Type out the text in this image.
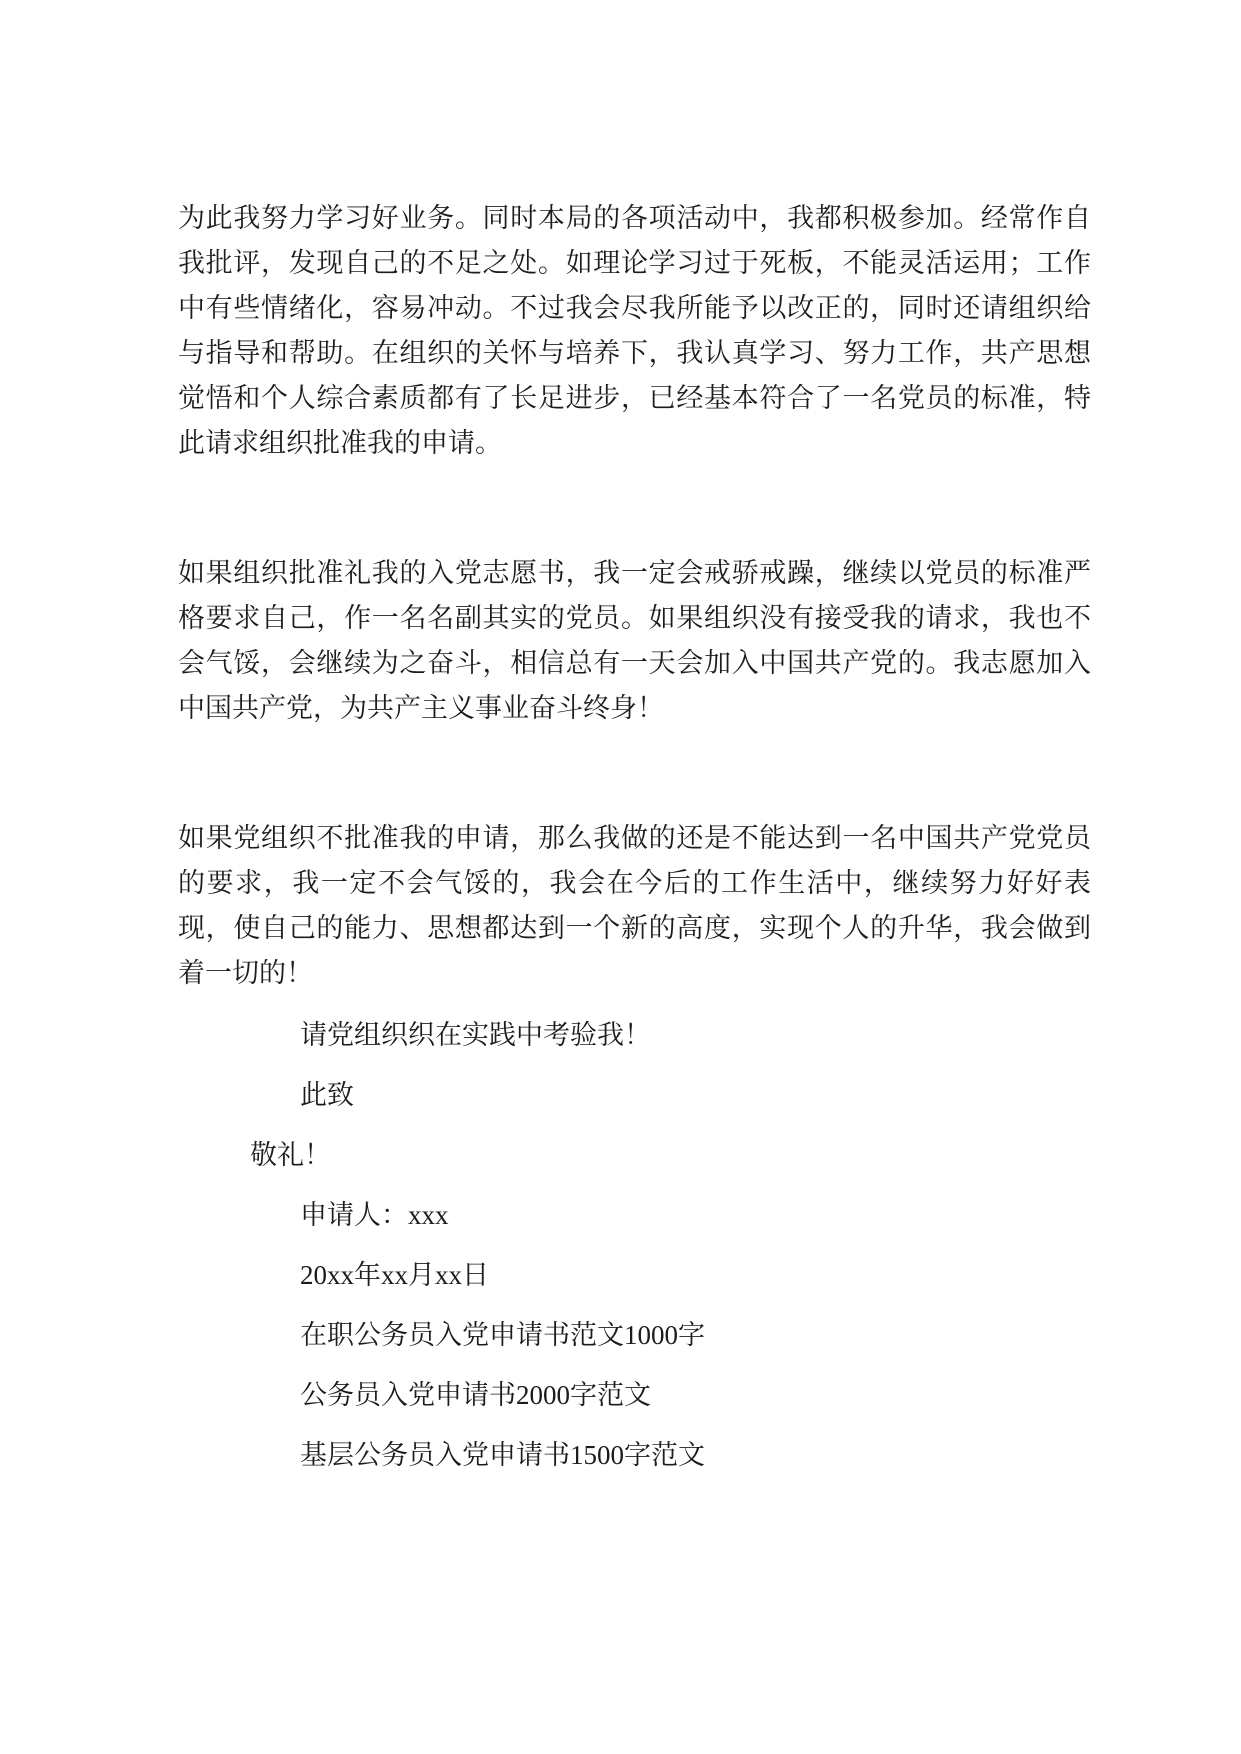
为此我努力学习好业务。同时本局的各项活动中，我都积极参加。经常作自我批评，发现自己的不足之处。如理论学习过于死板，不能灵活运用；工作中有些情绪化，容易冲动。不过我会尽我所能予以改正的，同时还请组织给与指导和帮助。在组织的关怀与培养下，我认真学习、努力工作，共产思想觉悟和个人综合素质都有了长足进步，已经基本符合了一名党员的标准，特此请求组织批准我的申请。

如果组织批准礼我的入党志愿书，我一定会戒骄戒躁，继续以党员的标准严格要求自己，作一名名副其实的党员。如果组织没有接受我的请求，我也不会气馁，会继续为之奋斗，相信总有一天会加入中国共产党的。我志愿加入中国共产党，为共产主义事业奋斗终身！

如果党组织不批准我的申请，那么我做的还是不能达到一名中国共产党党员的要求，我一定不会气馁的，我会在今后的工作生活中，继续努力好好表现，使自己的能力、思想都达到一个新的高度，实现个人的升华，我会做到着一切的！

请党组织织在实践中考验我！

此致

敬礼！

申请人：xxx

20xx年xx月xx日

在职公务员入党申请书范文1000字

公务员入党申请书2000字范文

基层公务员入党申请书1500字范文
